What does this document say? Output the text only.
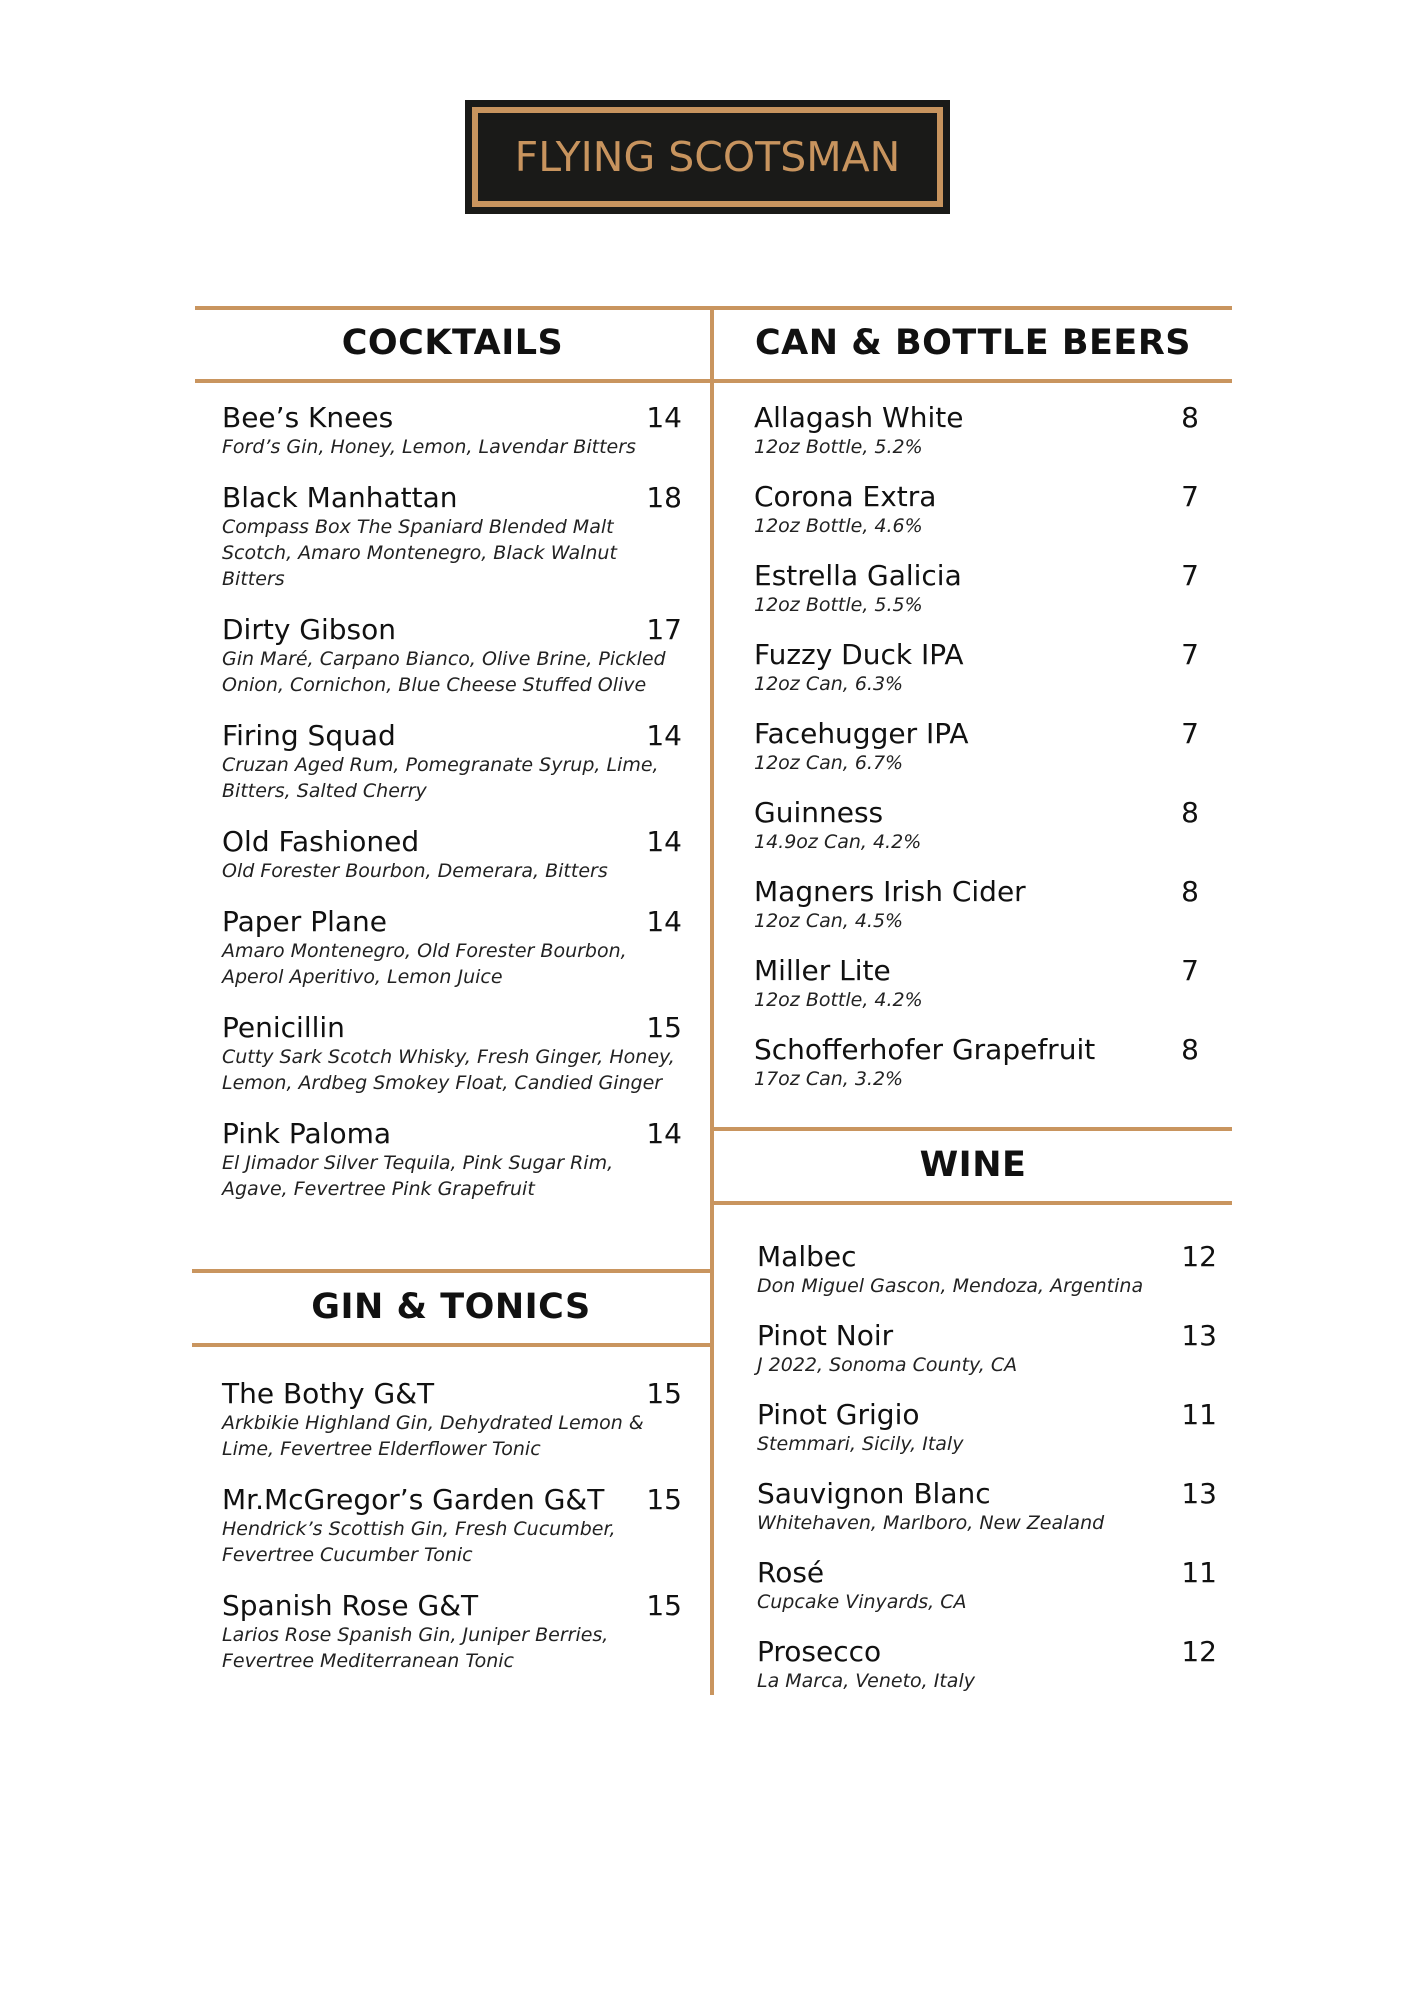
FLYING SCOTSMAN
COCKTAILS	CAN & BOTTLE BEERS
GIN & TONICS
WINE
Bee’s Knees	14
Ford’s Gin, Honey, Lemon, Lavendar Bitters
Black Manhattan	18
Compass Box The Spaniard Blended Malt Scotch, Amaro Montenegro, Black Walnut Bitters
Dirty Gibson	17
Gin Maré, Carpano Bianco, Olive Brine, Pickled Onion, Cornichon, Blue Cheese Stuffed Olive
Firing Squad	14
Cruzan Aged Rum, Pomegranate Syrup, Lime, Bitters, Salted Cherry
Old Fashioned	14
Old Forester Bourbon, Demerara, Bitters
Paper Plane	14
Amaro Montenegro, Old Forester Bourbon, Aperol Aperitivo, Lemon Juice
Penicillin	15
Cutty Sark Scotch Whisky, Fresh Ginger, Honey, Lemon, Ardbeg Smokey Float, Candied Ginger
Pink Paloma	14
El Jimador Silver Tequila, Pink Sugar Rim, Agave, Fevertree Pink Grapefruit
The Bothy G&T	15
Arkbikie Highland Gin, Dehydrated Lemon & Lime, Fevertree Elderflower Tonic
Mr.McGregor’s Garden G&T	15
Hendrick’s Scottish Gin, Fresh Cucumber, Fevertree Cucumber Tonic
Spanish Rose G&T	15
Larios Rose Spanish Gin, Juniper Berries, Fevertree Mediterranean Tonic
Allagash White	8
12oz Bottle, 5.2%
Corona Extra	7
12oz Bottle, 4.6%
Estrella Galicia	7
12oz Bottle, 5.5%
Fuzzy Duck IPA	7
12oz Can, 6.3%
Facehugger IPA	7
12oz Can, 6.7%
Guinness	8
14.9oz Can, 4.2%
Magners Irish Cider	8
12oz Can, 4.5%
Miller Lite	7
12oz Bottle, 4.2%
Schofferhofer Grapefruit	8
17oz Can, 3.2%
Malbec	12
Don Miguel Gascon, Mendoza, Argentina
Pinot Noir	13
J 2022, Sonoma County, CA
Pinot Grigio	11
Stemmari, Sicily, Italy
Sauvignon Blanc	13
Whitehaven, Marlboro, New Zealand
Rosé	11
Cupcake Vinyards, CA
Prosecco	12
La Marca, Veneto, Italy
